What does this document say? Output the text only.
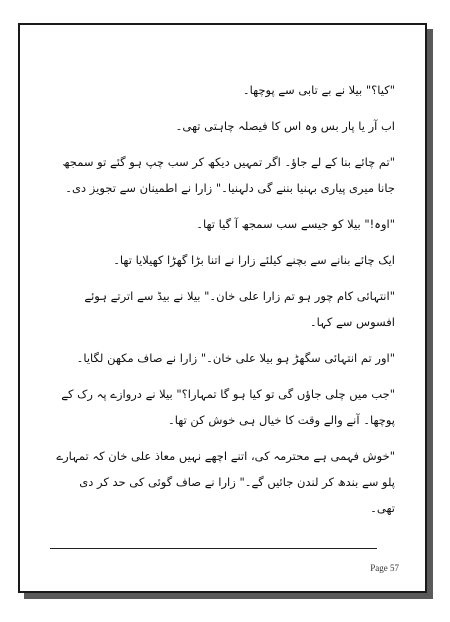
"کیا؟" بیلا نے بے تابی سے پوچھا۔

اب آر یا پار بس وہ اس کا فیصلہ چاہتی تھی۔

"تم چائے بنا کے لے جاؤ۔ اگر تمہیں دیکھ کر سب چپ ہو گئے تو سمجھ جانا میری پیاری بہنیا بننے گی دلہنیا۔" زارا نے اطمینان سے تجویز دی۔

"اوہ!" بیلا کو جیسے سب سمجھ آ گیا تھا۔

ایک چائے بنانے سے بچنے کیلئے زارا نے اتنا بڑا گھڑا کھیلایا تھا۔

"انتہائی کام چور ہو تم زارا علی خان۔" بیلا نے بیڈ سے اترتے ہوئے افسوس سے کہا۔

"اور تم انتہائی سگھڑ ہو بیلا علی خان۔" زارا نے صاف مکھن لگایا۔

"جب میں چلی جاؤں گی تو کیا ہو گا تمہارا؟" بیلا نے دروازے پہ رک کے پوچھا۔ آنے والے وقت کا خیال ہی خوش کن تھا۔

"خوش فہمی ہے محترمہ کی، اتنے اچھے نہیں معاذ علی خان کہ تمہارے پلو سے بندھ کر لندن جائیں گے۔" زارا نے صاف گوئی کی حد کر دی تھی۔

Page 57
